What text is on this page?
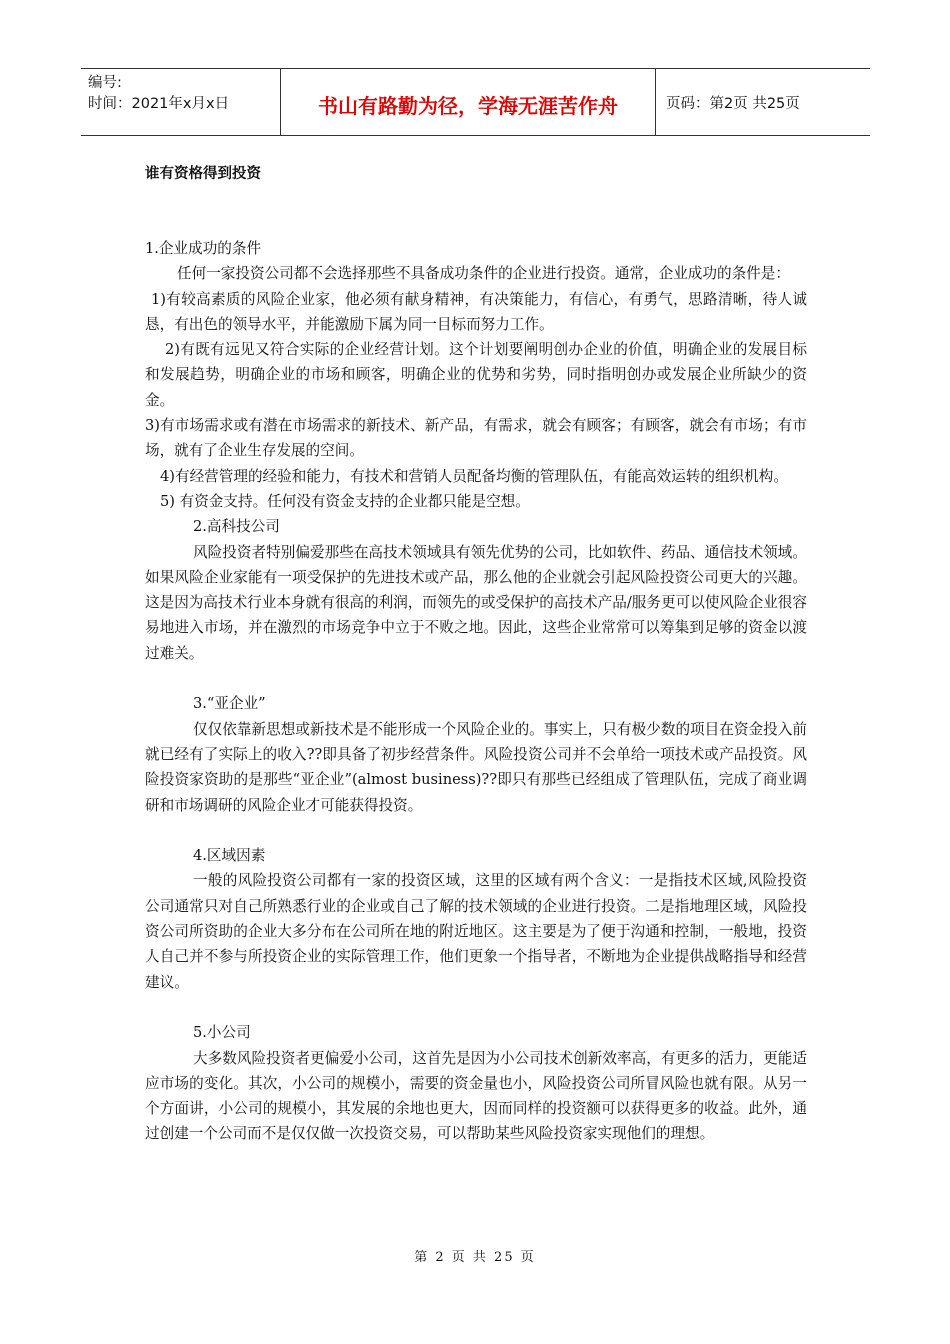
编号:
时间：2021年x月x日	书山有路勤为径，学海无涯苦作舟	页码：第2页 共25页
谁有资格得到投资

1.企业成功的条件

任何一家投资公司都不会选择那些不具备成功条件的企业进行投资。通常，企业成功的条件是：

1)有较高素质的风险企业家，他必须有献身精神，有决策能力，有信心，有勇气，思路清晰，待人诚恳，有出色的领导水平，并能激励下属为同一目标而努力工作。

2)有既有远见又符合实际的企业经营计划。这个计划要阐明创办企业的价值，明确企业的发展目标和发展趋势，明确企业的市场和顾客，明确企业的优势和劣势，同时指明创办或发展企业所缺少的资金。

3)有市场需求或有潜在市场需求的新技术、新产品，有需求，就会有顾客；有顾客，就会有市场；有市场，就有了企业生存发展的空间。

4)有经营管理的经验和能力，有技术和营销人员配备均衡的管理队伍，有能高效运转的组织机构。

5) 有资金支持。任何没有资金支持的企业都只能是空想。

2.高科技公司

风险投资者特别偏爱那些在高技术领域具有领先优势的公司，比如软件、药品、通信技术领域。如果风险企业家能有一项受保护的先进技术或产品，那么他的企业就会引起风险投资公司更大的兴趣。这是因为高技术行业本身就有很高的利润，而领先的或受保护的高技术产品/服务更可以使风险企业很容易地进入市场，并在激烈的市场竞争中立于不败之地。因此，这些企业常常可以筹集到足够的资金以渡过难关。

3.“亚企业”

仅仅依靠新思想或新技术是不能形成一个风险企业的。事实上，只有极少数的项目在资金投入前就已经有了实际上的收入??即具备了初步经营条件。风险投资公司并不会单给一项技术或产品投资。风险投资家资助的是那些“亚企业”(almost business)??即只有那些已经组成了管理队伍，完成了商业调研和市场调研的风险企业才可能获得投资。

4.区域因素

一般的风险投资公司都有一家的投资区域，这里的区域有两个含义：一是指技术区域,风险投资公司通常只对自己所熟悉行业的企业或自己了解的技术领域的企业进行投资。二是指地理区域，风险投资公司所资助的企业大多分布在公司所在地的附近地区。这主要是为了便于沟通和控制，一般地，投资人自己并不参与所投资企业的实际管理工作，他们更象一个指导者，不断地为企业提供战略指导和经营建议。

5.小公司

大多数风险投资者更偏爱小公司，这首先是因为小公司技术创新效率高，有更多的活力，更能适应市场的变化。其次，小公司的规模小，需要的资金量也小，风险投资公司所冒风险也就有限。从另一个方面讲，小公司的规模小，其发展的余地也更大，因而同样的投资额可以获得更多的收益。此外，通过创建一个公司而不是仅仅做一次投资交易，可以帮助某些风险投资家实现他们的理想。

第 2 页 共 25 页
